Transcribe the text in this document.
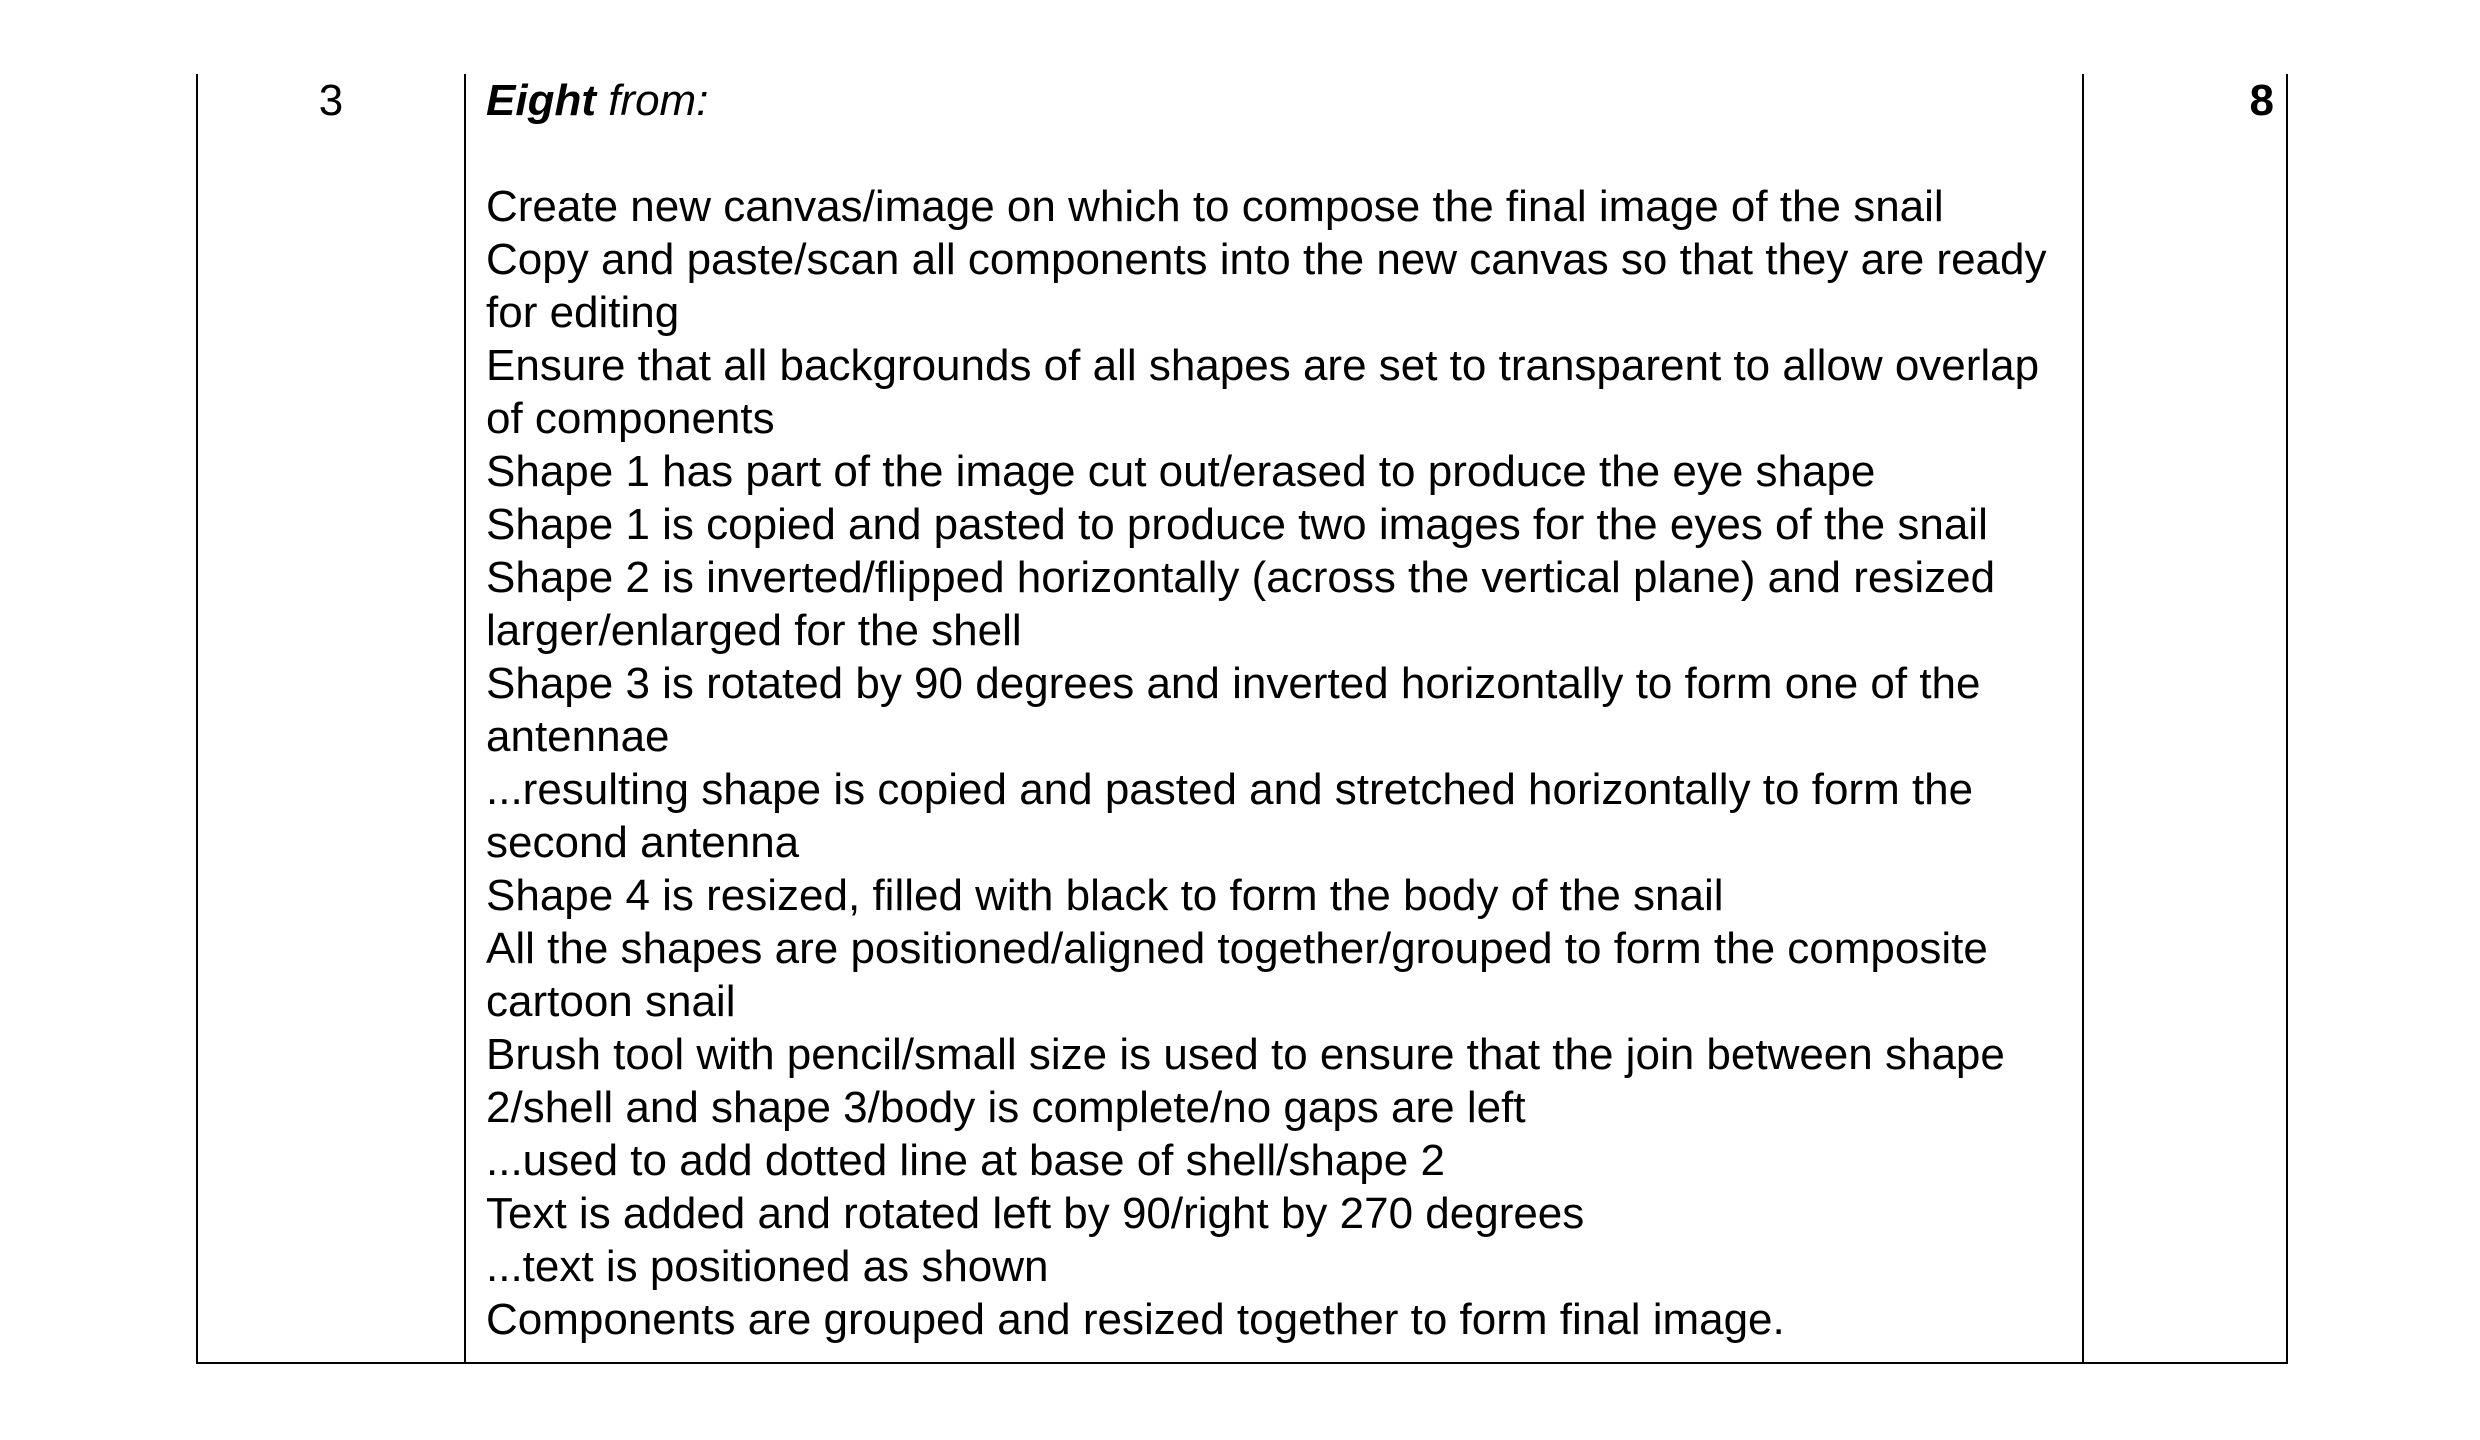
3	Eight from:

Create new canvas/image on which to compose the final image of the snail
Copy and paste/scan all components into the new canvas so that they are ready for editing
Ensure that all backgrounds of all shapes are set to transparent to allow overlap of components
Shape 1 has part of the image cut out/erased to produce the eye shape
Shape 1 is copied and pasted to produce two images for the eyes of the snail
Shape 2 is inverted/flipped horizontally (across the vertical plane) and resized larger/enlarged for the shell
Shape 3 is rotated by 90 degrees and inverted horizontally to form one of the antennae
...resulting shape is copied and pasted and stretched horizontally to form the second antenna
Shape 4 is resized, filled with black to form the body of the snail
All the shapes are positioned/aligned together/grouped to form the composite cartoon snail
Brush tool with pencil/small size is used to ensure that the join between shape 2/shell and shape 3/body is complete/no gaps are left
...used to add dotted line at base of shell/shape 2
Text is added and rotated left by 90/right by 270 degrees
...text is positioned as shown
Components are grouped and resized together to form final image.
8
